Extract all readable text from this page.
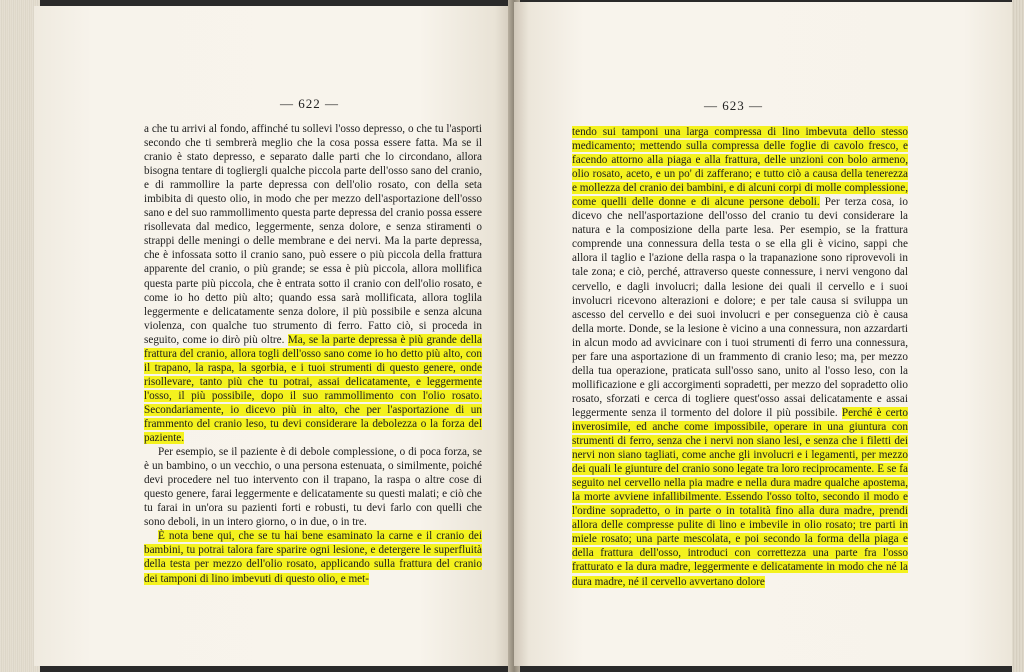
— 622 —

a che tu arrivi al fondo, affinché tu sollevi l'osso depresso, o che tu l'asporti secondo che ti sembrerà meglio che la cosa possa essere fatta. Ma se il cranio è stato depresso, e separato dalle parti che lo circondano, allora bisogna tentare di togliergli qualche piccola parte dell'osso sano del cranio, e di rammollire la parte depressa con dell'olio rosato, con della seta imbibita di questo olio, in modo che per mezzo dell'asportazione dell'osso sano e del suo rammollimento questa parte depressa del cranio possa essere risollevata dal medico, leggermente, senza dolore, e senza stiramenti o strappi delle meningi o delle membrane e dei nervi. Ma la parte depressa, che è infossata sotto il cranio sano, può essere o più piccola della frattura apparente del cranio, o più grande; se essa è più piccola, allora mollifica questa parte più piccola, che è entrata sotto il cranio con dell'olio rosato, e come io ho detto più alto; quando essa sarà mollificata, allora toglila leggermente e delicatamente senza dolore, il più possibile e senza alcuna violenza, con qualche tuo strumento di ferro. Fatto ciò, si proceda in seguito, come io dirò più oltre. Ma, se la parte depressa è più grande della frattura del cranio, allora togli dell'osso sano come io ho detto più alto, con il trapano, la raspa, la sgorbia, e i tuoi strumenti di questo genere, onde risollevare, tanto più che tu potrai, assai delicatamente, e leggermente l'osso, il più possibile, dopo il suo rammollimento con l'olio rosato. Secondariamente, io dicevo più in alto, che per l'asportazione di un frammento del cranio leso, tu devi considerare la debolezza o la forza del paziente.

Per esempio, se il paziente è di debole complessione, o di poca forza, se è un bambino, o un vecchio, o una persona estenuata, o similmente, poiché devi procedere nel tuo intervento con il trapano, la raspa o altre cose di questo genere, farai leggermente e delicatamente su questi malati; e ciò che tu farai in un'ora su pazienti forti e robusti, tu devi farlo con quelli che sono deboli, in un intero giorno, o in due, o in tre.

È nota bene qui, che se tu hai bene esaminato la carne e il cranio dei bambini, tu potrai talora fare sparire ogni lesione, e detergere le superfluità della testa per mezzo dell'olio rosato, applicando sulla frattura del cranio dei tamponi di lino imbevuti di questo olio, e met-

— 623 —

tendo sui tamponi una larga compressa di lino imbevuta dello stesso medicamento; mettendo sulla compressa delle foglie di cavolo fresco, e facendo attorno alla piaga e alla frattura, delle unzioni con bolo armeno, olio rosato, aceto, e un po' di zafferano; e tutto ciò a causa della tenerezza e mollezza del cranio dei bambini, e di alcuni corpi di molle complessione, come quelli delle donne e di alcune persone deboli. Per terza cosa, io dicevo che nell'asportazione dell'osso del cranio tu devi considerare la natura e la composizione della parte lesa. Per esempio, se la frattura comprende una connessura della testa o se ella gli è vicino, sappi che allora il taglio e l'azione della raspa o la trapanazione sono riprovevoli in tale zona; e ciò, perché, attraverso queste connessure, i nervi vengono dal cervello, e dagli involucri; dalla lesione dei quali il cervello e i suoi involucri ricevono alterazioni e dolore; e per tale causa si sviluppa un ascesso del cervello e dei suoi involucri e per conseguenza ciò è causa della morte. Donde, se la lesione è vicino a una connessura, non azzardarti in alcun modo ad avvicinare con i tuoi strumenti di ferro una connessura, per fare una asportazione di un frammento di cranio leso; ma, per mezzo della tua operazione, praticata sull'osso sano, unito al l'osso leso, con la mollificazione e gli accorgimenti sopradetti, per mezzo del sopradetto olio rosato, sforzati e cerca di togliere quest'osso assai delicatamente e assai leggermente senza il tormento del dolore il più possibile. Perché è certo inverosimile, ed anche come impossibile, operare in una giuntura con strumenti di ferro, senza che i nervi non siano lesi, e senza che i filetti dei nervi non siano tagliati, come anche gli involucri e i legamenti, per mezzo dei quali le giunture del cranio sono legate tra loro reciprocamente. E se fa seguito nel cervello nella pia madre e nella dura madre qualche apostema, la morte avviene infallibilmente. Essendo l'osso tolto, secondo il modo e l'ordine sopradetto, o in parte o in totalità fino alla dura madre, prendi allora delle compresse pulite di lino e imbevile in olio rosato; tre parti in miele rosato; una parte mescolata, e poi secondo la forma della piaga e della frattura dell'osso, introduci con correttezza una parte fra l'osso fratturato e la dura madre, leggermente e delicatamente in modo che né la dura madre, né il cervello avvertano dolore
